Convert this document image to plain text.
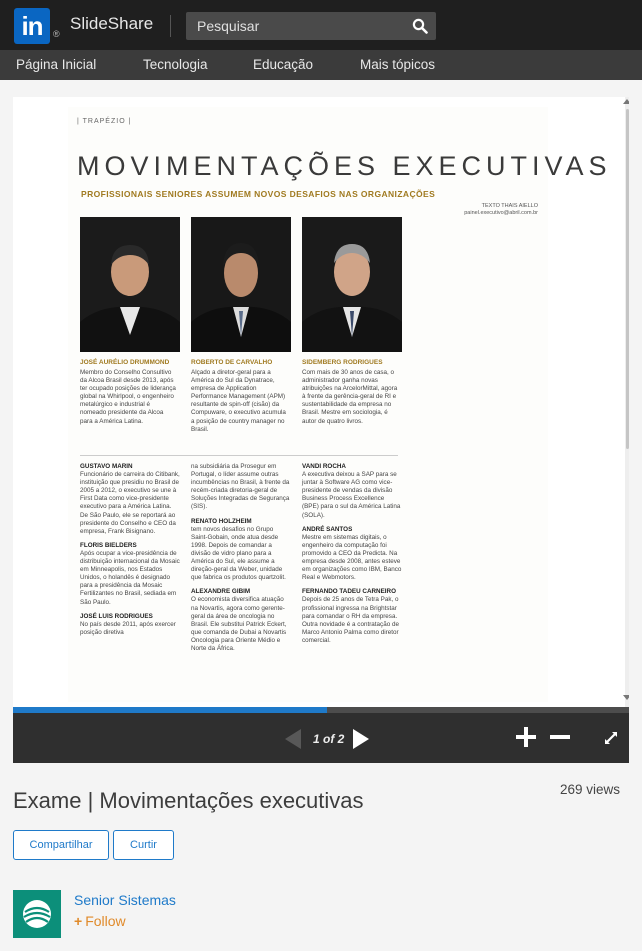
in	®
SlideShare
Pesquisar
Página Inicial	Tecnologia	Educação	Mais tópicos
| TRAPÉZIO |
MOVIMENTAÇÕES EXECUTIVAS
PROFISSIONAIS SENIORES ASSUMEM NOVOS DESAFIOS NAS ORGANIZAÇÕES
TEXTO THAIS AIELLO
painel.executivo@abril.com.br
JOSÉ AURÉLIO DRUMMOND	ROBERTO DE CARVALHO	SIDEMBERG RODRIGUES
Membro do Conselho Consultivo da Alcoa Brasil desde 2013, após ter ocupado posições de liderança global na Whirlpool, o engenheiro metalúrgico e industrial é nomeado presidente da Alcoa para a América Latina.
Alçado a diretor-geral para a América do Sul da Dynatrace, empresa de Application Performance Management (APM) resultante de spin-off (cisão) da Compuware, o executivo acumula a posição de country manager no Brasil.
Com mais de 30 anos de casa, o administrador ganha novas atribuições na ArcelorMittal, agora à frente da gerência-geral de RI e sustentabilidade da empresa no Brasil. Mestre em sociologia, é autor de quatro livros.
GUSTAVO MARIN
Funcionário de carreira do Citibank, instituição que presidiu no Brasil de 2005 a 2012, o executivo se une à First Data como vice-presidente executivo para a América Latina. De São Paulo, ele se reportará ao presidente do Conselho e CEO da empresa, Frank Bisignano.
FLORIS BIELDERS
Após ocupar a vice-presidência de distribuição internacional da Mosaic em Minneapolis, nos Estados Unidos, o holandês é designado para a presidência da Mosaic Fertilizantes no Brasil, sediada em São Paulo.
JOSÉ LUIS RODRIGUES
No país desde 2011, após exercer posição diretiva
na subsidiária da Prosegur em Portugal, o líder assume outras incumbências no Brasil, à frente da recém-criada diretoria-geral de Soluções Integradas de Segurança (SIS).
RENATO HOLZHEIM
tem novos desafios no Grupo Saint-Gobain, onde atua desde 1998. Depois de comandar a divisão de vidro plano para a América do Sul, ele assume a direção-geral da Weber, unidade que fabrica os produtos quartzolit.
ALEXANDRE GIBIM
O economista diversifica atuação na Novartis, agora como gerente-geral da área de oncologia no Brasil. Ele substitui Patrick Eckert, que comanda de Dubai a Novartis Oncologia para Oriente Médio e Norte da África.
VANDI ROCHA
A executiva deixou a SAP para se juntar à Software AG como vice-presidente de vendas da divisão Business Process Excellence (BPE) para o sul da América Latina (SOLA).
ANDRÉ SANTOS
Mestre em sistemas digitais, o engenheiro da computação foi promovido a CEO da Predicta. Na empresa desde 2008, antes esteve em organizações como IBM, Banco Real e Webmotors.
FERNANDO TADEU CARNEIRO
Depois de 25 anos de Tetra Pak, o profissional ingressa na Brightstar para comandar o RH da empresa. Outra novidade é a contratação de Marco Antonio Palma como diretor comercial.
1 of 2
Exame | Movimentações executivas	269 views
Compartilhar	Curtir
Senior Sistemas
+ Follow
